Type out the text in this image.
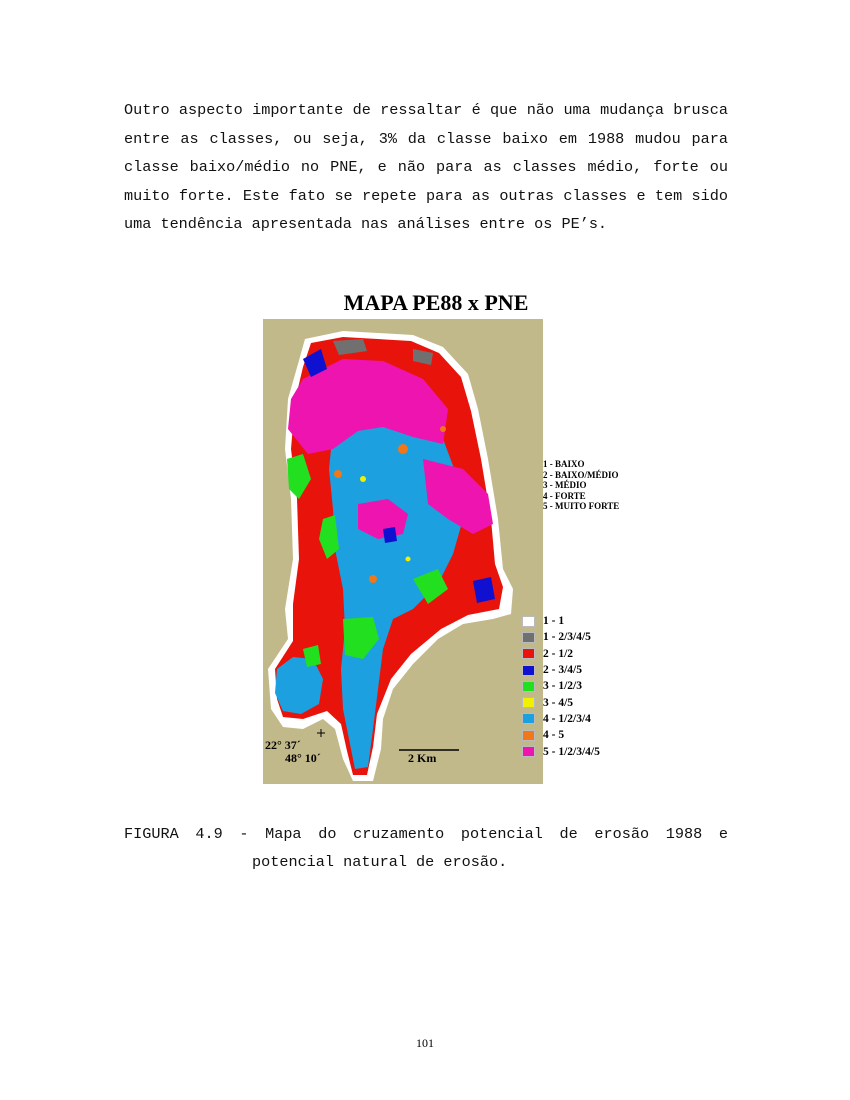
Outro aspecto importante de ressaltar é que não uma mudança brusca entre as classes, ou seja, 3% da classe baixo em 1988 mudou para classe baixo/médio no PNE, e não para as classes médio, forte ou muito forte. Este fato se repete para as outras classes e tem sido uma tendência apresentada nas análises entre os PE’s.

MAPA PE88 x PNE
22° 37´
48° 10´	2 Km
1 - BAIXO
2 - BAIXO/MÉDIO
3 - MÉDIO
4 - FORTE
5 - MUITO FORTE
1 - 1
1 - 2/3/4/5
2 - 1/2
2 - 3/4/5
3 - 1/2/3
3 - 4/5
4 - 1/2/3/4
4 - 5
5 - 1/2/3/4/5

FIGURA 4.9 - Mapa do cruzamento potencial de erosão 1988 e
potencial natural de erosão.

101
